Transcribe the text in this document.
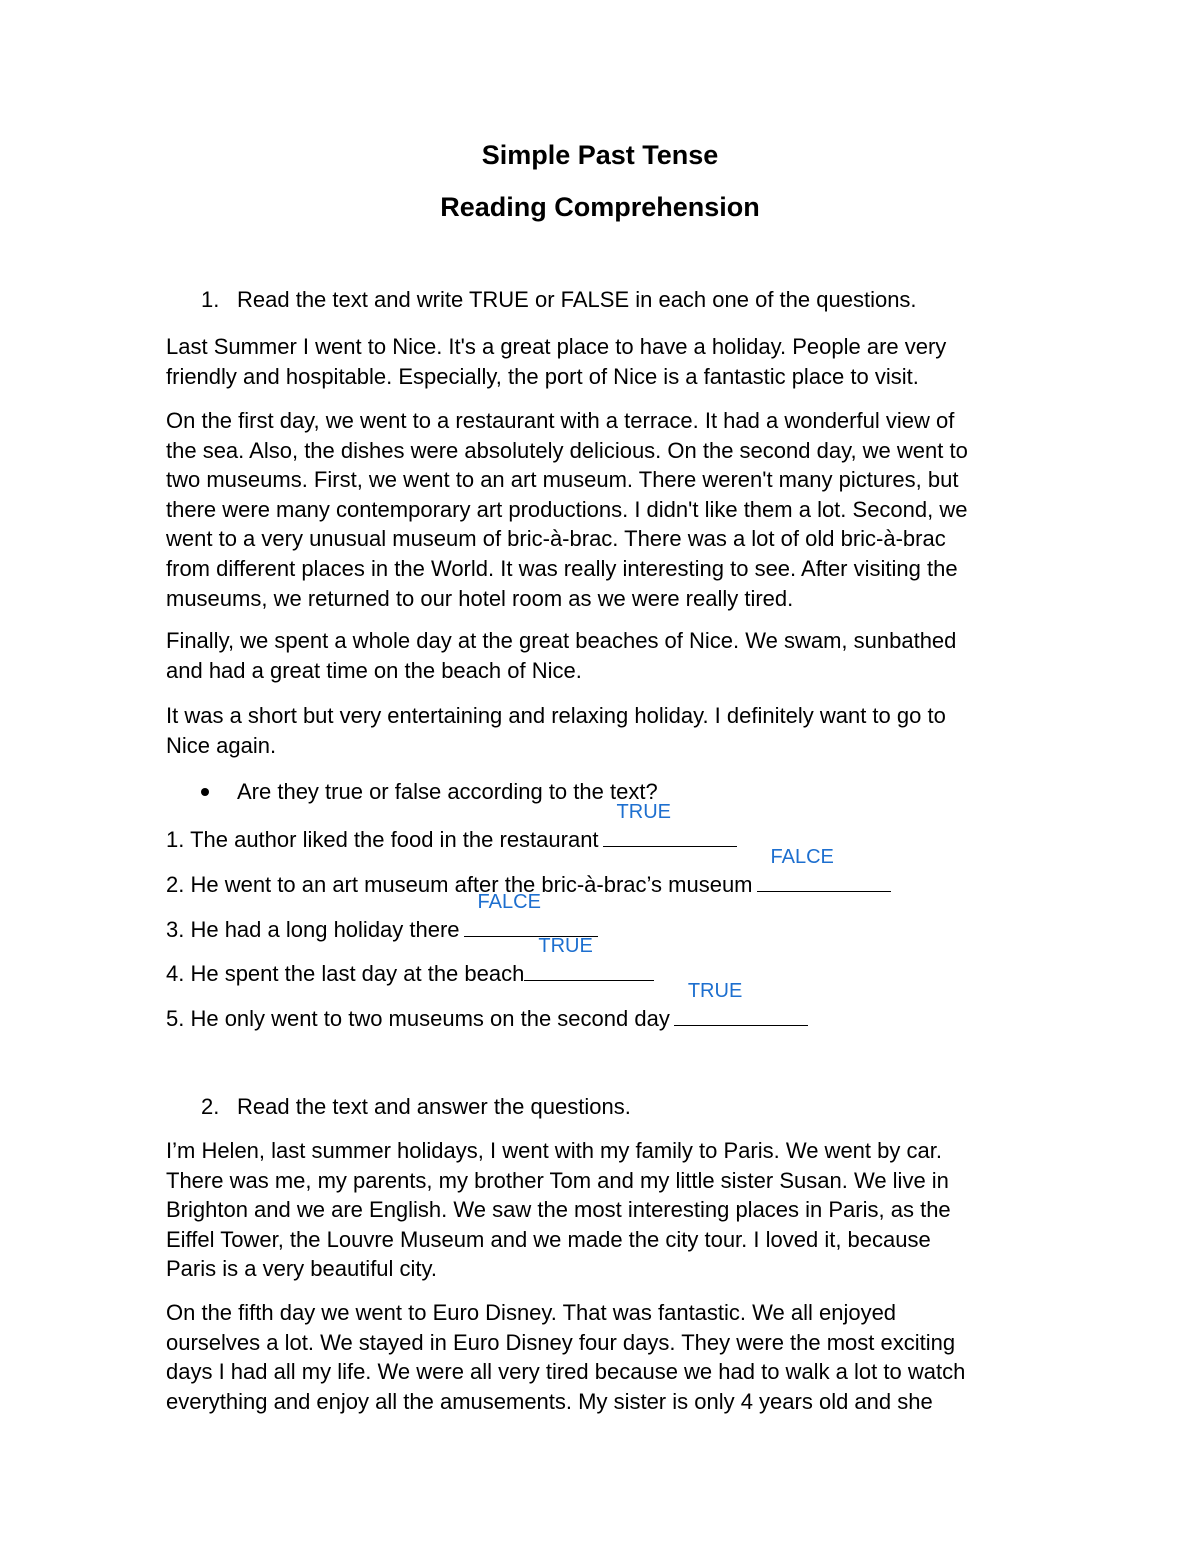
Simple Past Tense
Reading Comprehension
1. Read the text and write TRUE or FALSE in each one of the questions.
Last Summer I went to Nice. It's a great place to have a holiday. People are very
friendly and hospitable. Especially, the port of Nice is a fantastic place to visit.
On the first day, we went to a restaurant with a terrace. It had a wonderful view of
the sea. Also, the dishes were absolutely delicious. On the second day, we went to
two museums. First, we went to an art museum. There weren't many pictures, but
there were many contemporary art productions. I didn't like them a lot. Second, we
went to a very unusual museum of bric-à-brac. There was a lot of old bric-à-brac
from different places in the World. It was really interesting to see. After visiting the
museums, we returned to our hotel room as we were really tired.
Finally, we spent a whole day at the great beaches of Nice. We swam, sunbathed
and had a great time on the beach of Nice.
It was a short but very entertaining and relaxing holiday. I definitely want to go to
Nice again.
Are they true or false according to the text?
1. The author liked the food in the restaurant
TRUE
2. He went to an art museum after the bric-à-brac’s museum
FALCE
3. He had a long holiday there
FALCE
4. He spent the last day at the beach
TRUE
5. He only went to two museums on the second day
TRUE
2. Read the text and answer the questions.
I’m Helen, last summer holidays, I went with my family to Paris. We went by car.
There was me, my parents, my brother Tom and my little sister Susan. We live in
Brighton and we are English. We saw the most interesting places in Paris, as the
Eiffel Tower, the Louvre Museum and we made the city tour. I loved it, because
Paris is a very beautiful city.
On the fifth day we went to Euro Disney. That was fantastic. We all enjoyed
ourselves a lot. We stayed in Euro Disney four days. They were the most exciting
days I had all my life. We were all very tired because we had to walk a lot to watch
everything and enjoy all the amusements. My sister is only 4 years old and she
